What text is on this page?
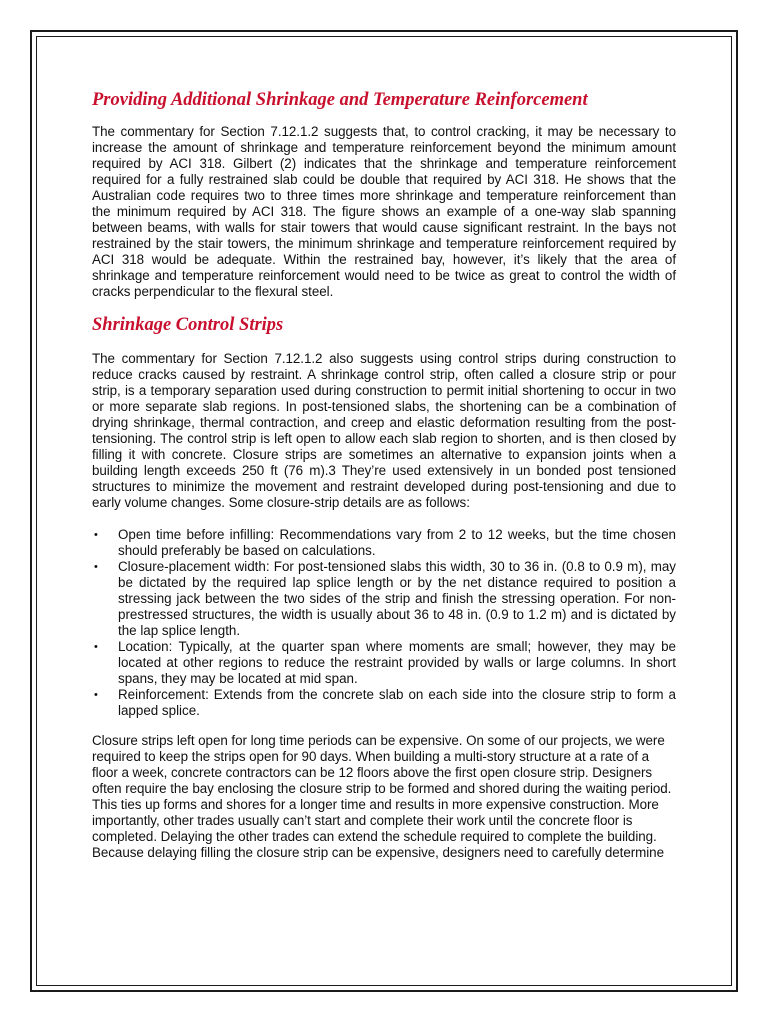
Providing Additional Shrinkage and Temperature Reinforcement

The commentary for Section 7.12.1.2 suggests that, to control cracking, it may be necessary to increase the amount of shrinkage and temperature reinforcement beyond the minimum amount required by ACI 318. Gilbert (2) indicates that the shrinkage and temperature reinforcement required for a fully restrained slab could be double that required by ACI 318. He shows that the Australian code requires two to three times more shrinkage and temperature reinforcement than the minimum required by ACI 318. The figure shows an example of a one-way slab spanning between beams, with walls for stair towers that would cause significant restraint. In the bays not restrained by the stair towers, the minimum shrinkage and temperature reinforcement required by ACI 318 would be adequate. Within the restrained bay, however, it’s likely that the area of shrinkage and temperature reinforcement would need to be twice as great to control the width of cracks perpendicular to the flexural steel.

Shrinkage Control Strips

The commentary for Section 7.12.1.2 also suggests using control strips during construction to reduce cracks caused by restraint. A shrinkage control strip, often called a closure strip or pour strip, is a temporary separation used during construction to permit initial shortening to occur in two or more separate slab regions. In post-tensioned slabs, the shortening can be a combination of drying shrinkage, thermal contraction, and creep and elastic deformation resulting from the post-tensioning. The control strip is left open to allow each slab region to shorten, and is then closed by filling it with concrete. Closure strips are sometimes an alternative to expansion joints when a building length exceeds 250 ft (76 m).3 They’re used extensively in un bonded post tensioned structures to minimize the movement and restraint developed during post-tensioning and due to early volume changes. Some closure-strip details are as follows:

• Open time before infilling: Recommendations vary from 2 to 12 weeks, but the time chosen should preferably be based on calculations.
• Closure-placement width: For post-tensioned slabs this width, 30 to 36 in. (0.8 to 0.9 m), may be dictated by the required lap splice length or by the net distance required to position a stressing jack between the two sides of the strip and finish the stressing operation. For non-prestressed structures, the width is usually about 36 to 48 in. (0.9 to 1.2 m) and is dictated by the lap splice length.
• Location: Typically, at the quarter span where moments are small; however, they may be located at other regions to reduce the restraint provided by walls or large columns. In short spans, they may be located at mid span.
• Reinforcement: Extends from the concrete slab on each side into the closure strip to form a lapped splice.

Closure strips left open for long time periods can be expensive. On some of our projects, we were required to keep the strips open for 90 days. When building a multi-story structure at a rate of a floor a week, concrete contractors can be 12 floors above the first open closure strip. Designers often require the bay enclosing the closure strip to be formed and shored during the waiting period. This ties up forms and shores for a longer time and results in more expensive construction. More importantly, other trades usually can’t start and complete their work until the concrete floor is completed. Delaying the other trades can extend the schedule required to complete the building. Because delaying filling the closure strip can be expensive, designers need to carefully determine
